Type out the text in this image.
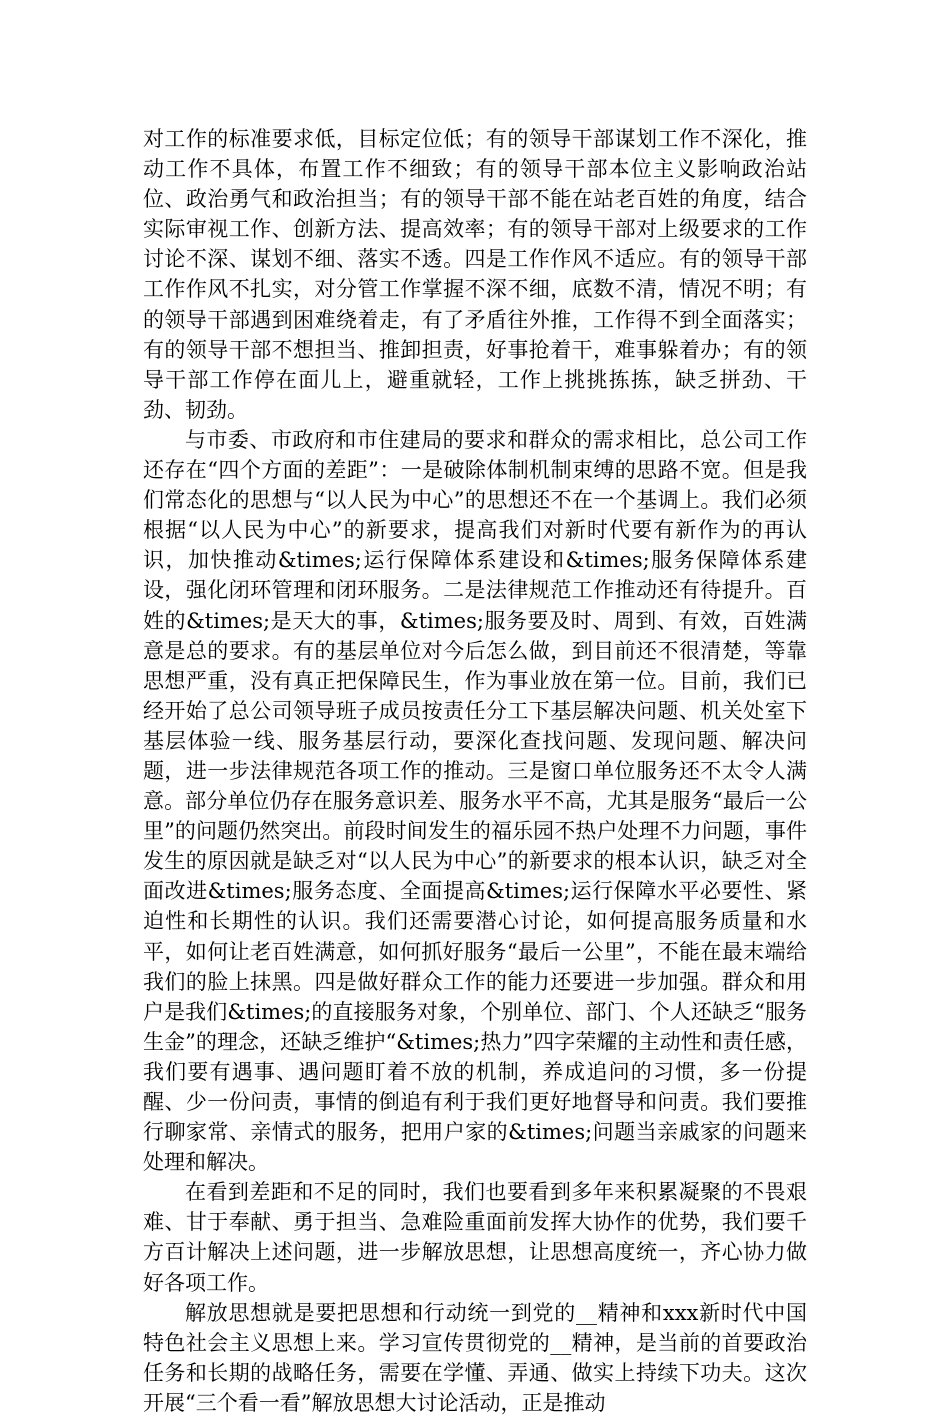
对工作的标准要求低，目标定位低；有的领导干部谋划工作不深化，推动工作不具体，布置工作不细致；有的领导干部本位主义影响政治站位、政治勇气和政治担当；有的领导干部不能在站老百姓的角度，结合实际审视工作、创新方法、提高效率；有的领导干部对上级要求的工作讨论不深、谋划不细、落实不透。四是工作作风不适应。有的领导干部工作作风不扎实，对分管工作掌握不深不细，底数不清，情况不明；有的领导干部遇到困难绕着走，有了矛盾往外推，工作得不到全面落实；有的领导干部不想担当、推卸担责，好事抢着干，难事躲着办；有的领导干部工作停在面儿上，避重就轻，工作上挑挑拣拣，缺乏拼劲、干劲、韧劲。

与市委、市政府和市住建局的要求和群众的需求相比，总公司工作还存在“四个方面的差距”：一是破除体制机制束缚的思路不宽。但是我们常态化的思想与“以人民为中心”的思想还不在一个基调上。我们必须根据“以人民为中心”的新要求，提高我们对新时代要有新作为的再认识，加快推动&times;运行保障体系建设和&times;服务保障体系建设，强化闭环管理和闭环服务。二是法律规范工作推动还有待提升。百姓的&times;是天大的事，&times;服务要及时、周到、有效，百姓满意是总的要求。有的基层单位对今后怎么做，到目前还不很清楚，等靠思想严重，没有真正把保障民生，作为事业放在第一位。目前，我们已经开始了总公司领导班子成员按责任分工下基层解决问题、机关处室下基层体验一线、服务基层行动，要深化查找问题、发现问题、解决问题，进一步法律规范各项工作的推动。三是窗口单位服务还不太令人满意。部分单位仍存在服务意识差、服务水平不高，尤其是服务“最后一公里”的问题仍然突出。前段时间发生的福乐园不热户处理不力问题，事件发生的原因就是缺乏对“以人民为中心”的新要求的根本认识，缺乏对全面改进&times;服务态度、全面提高&times;运行保障水平必要性、紧迫性和长期性的认识。我们还需要潜心讨论，如何提高服务质量和水平，如何让老百姓满意，如何抓好服务“最后一公里”，不能在最末端给我们的脸上抹黑。四是做好群众工作的能力还要进一步加强。群众和用户是我们&times;的直接服务对象，个别单位、部门、个人还缺乏“服务生金”的理念，还缺乏维护“&times;热力”四字荣耀的主动性和责任感，我们要有遇事、遇问题盯着不放的机制，养成追问的习惯，多一份提醒、少一份问责，事情的倒追有利于我们更好地督导和问责。我们要推行聊家常、亲情式的服务，把用户家的&times;问题当亲戚家的问题来处理和解决。

在看到差距和不足的同时，我们也要看到多年来积累凝聚的不畏艰难、甘于奉献、勇于担当、急难险重面前发挥大协作的优势，我们要千方百计解决上述问题，进一步解放思想，让思想高度统一，齐心协力做好各项工作。

解放思想就是要把思想和行动统一到党的__精神和xxx新时代中国特色社会主义思想上来。学习宣传贯彻党的__精神，是当前的首要政治任务和长期的战略任务，需要在学懂、弄通、做实上持续下功夫。这次开展“三个看一看”解放思想大讨论活动，正是推动
